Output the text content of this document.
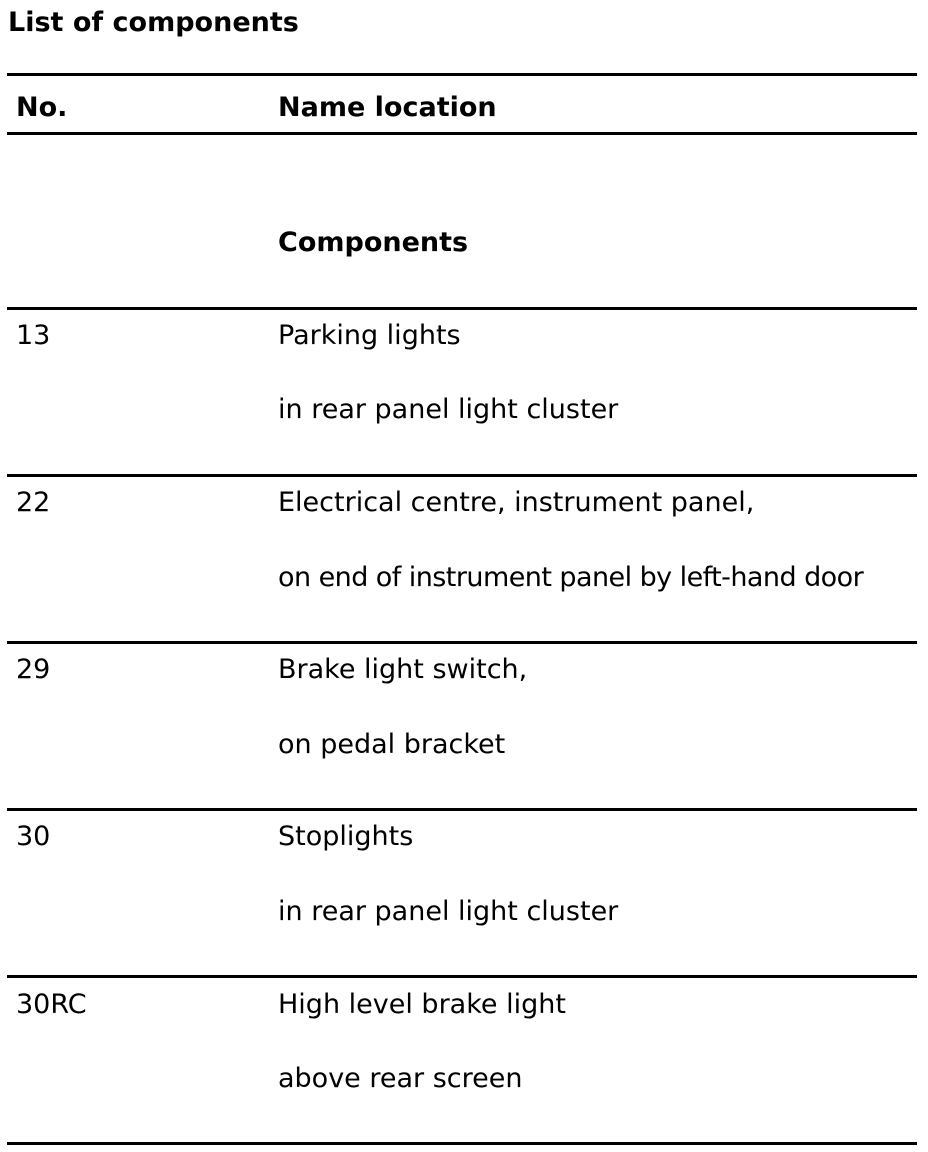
List of components
No.	Name location
Components
13	Parking lights
in rear panel light cluster
22	Electrical centre, instrument panel,
on end of instrument panel by left-hand door
29	Brake light switch,
on pedal bracket
30	Stoplights
in rear panel light cluster
30RC	High level brake light
above rear screen
